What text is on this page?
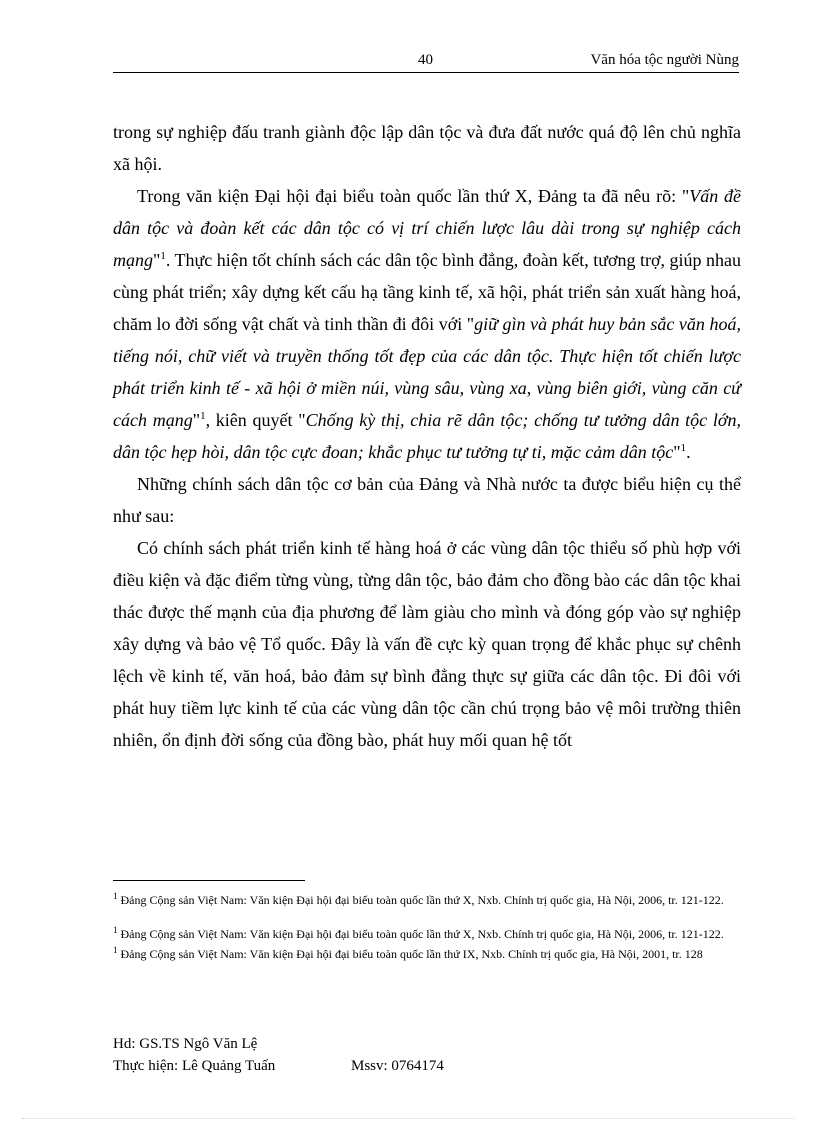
40	Văn hóa tộc người Nùng

trong sự nghiệp đấu tranh giành độc lập dân tộc và đưa đất nước quá độ lên chủ nghĩa xã hội.

Trong văn kiện Đại hội đại biểu toàn quốc lần thứ X, Đảng ta đã nêu rõ: "Vấn đề dân tộc và đoàn kết các dân tộc có vị trí chiến lược lâu dài trong sự nghiệp cách mạng"$^1$. Thực hiện tốt chính sách các dân tộc bình đẳng, đoàn kết, tương trợ, giúp nhau cùng phát triển; xây dựng kết cấu hạ tầng kinh tế, xã hội, phát triển sản xuất hàng hoá, chăm lo đời sống vật chất và tinh thần đi đôi với "giữ gìn và phát huy bản sắc văn hoá, tiếng nói, chữ viết và truyền thống tốt đẹp của các dân tộc. Thực hiện tốt chiến lược phát triển kinh tế - xã hội ở miền núi, vùng sâu, vùng xa, vùng biên giới, vùng căn cứ cách mạng"$^1$, kiên quyết "Chống kỳ thị, chia rẽ dân tộc; chống tư tưởng dân tộc lớn, dân tộc hẹp hòi, dân tộc cực đoan; khắc phục tư tưởng tự ti, mặc cảm dân tộc"$^1$.

Những chính sách dân tộc cơ bản của Đảng và Nhà nước ta được biểu hiện cụ thể như sau:

Có chính sách phát triển kinh tế hàng hoá ở các vùng dân tộc thiểu số phù hợp với điều kiện và đặc điểm từng vùng, từng dân tộc, bảo đảm cho đồng bào các dân tộc khai thác được thế mạnh của địa phương để làm giàu cho mình và đóng góp vào sự nghiệp xây dựng và bảo vệ Tổ quốc. Đây là vấn đề cực kỳ quan trọng để khắc phục sự chênh lệch về kinh tế, văn hoá, bảo đảm sự bình đẳng thực sự giữa các dân tộc. Đi đôi với phát huy tiềm lực kinh tế của các vùng dân tộc cần chú trọng bảo vệ môi trường thiên nhiên, ổn định đời sống của đồng bào, phát huy mối quan hệ tốt

$^1$ Đảng Cộng sản Việt Nam: Văn kiện Đại hội đại biểu toàn quốc lần thứ X, Nxb. Chính trị quốc gia, Hà Nội, 2006, tr. 121-122.

$^1$ Đảng Cộng sản Việt Nam: Văn kiện Đại hội đại biểu toàn quốc lần thứ X, Nxb. Chính trị quốc gia, Hà Nội, 2006, tr. 121-122.

$^1$ Đảng Cộng sản Việt Nam: Văn kiện Đại hội đại biểu toàn quốc lần thứ IX, Nxb. Chính trị quốc gia, Hà Nội, 2001, tr. 128

Hd: GS.TS Ngô Văn Lệ
Thực hiện: Lê Quảng Tuấn	Mssv: 0764174
